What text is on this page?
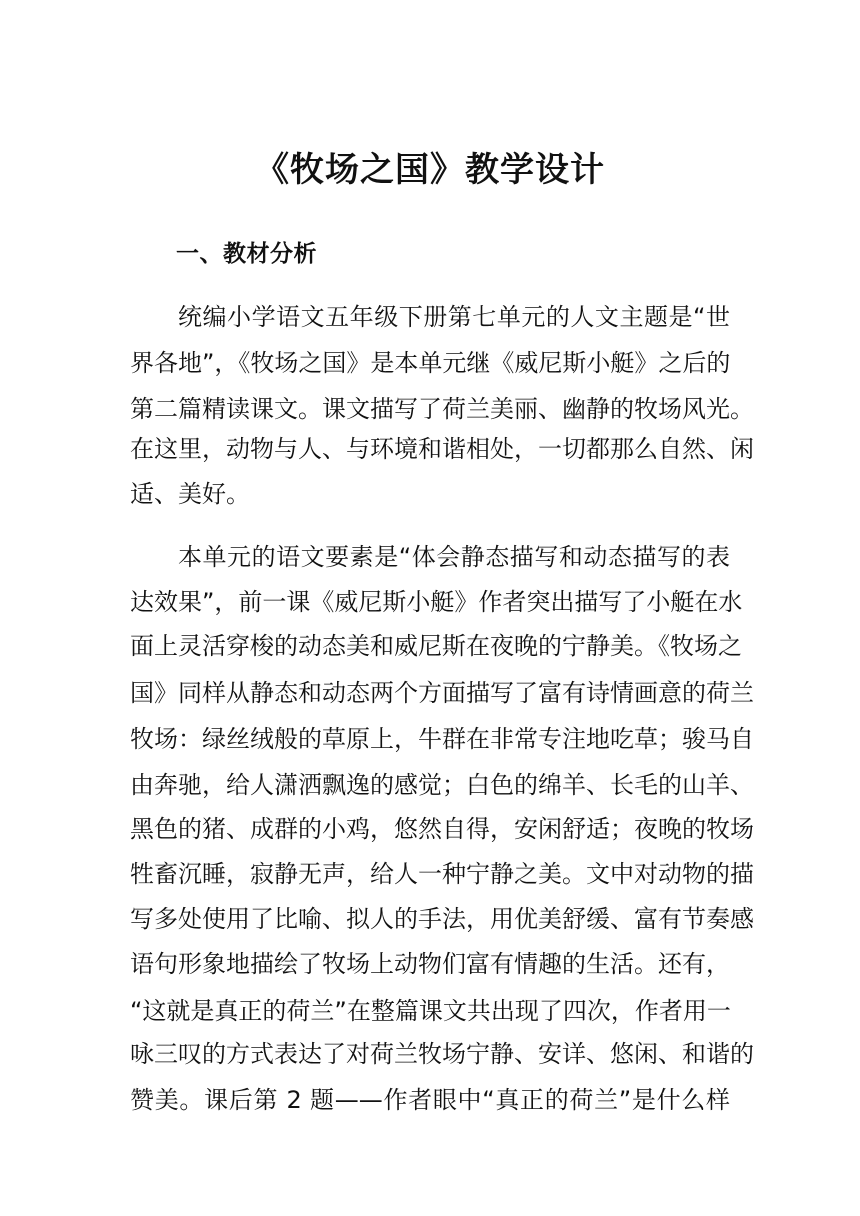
《牧场之国》教学设计
一、教材分析
统编小学语文五年级下册第七单元的人文主题是“世
界各地”，《牧场之国》是本单元继《威尼斯小艇》之后的
第二篇精读课文。课文描写了荷兰美丽、幽静的牧场风光。
在这里，动物与人、与环境和谐相处，一切都那么自然、闲
适、美好。
本单元的语文要素是“体会静态描写和动态描写的表
达效果”，前一课《威尼斯小艇》作者突出描写了小艇在水
面上灵活穿梭的动态美和威尼斯在夜晚的宁静美。《牧场之
国》同样从静态和动态两个方面描写了富有诗情画意的荷兰
牧场：绿丝绒般的草原上，牛群在非常专注地吃草；骏马自
由奔驰，给人潇洒飘逸的感觉；白色的绵羊、长毛的山羊、
黑色的猪、成群的小鸡，悠然自得，安闲舒适；夜晚的牧场
牲畜沉睡，寂静无声，给人一种宁静之美。文中对动物的描
写多处使用了比喻、拟人的手法，用优美舒缓、富有节奏感
语句形象地描绘了牧场上动物们富有情趣的生活。还有，
“这就是真正的荷兰”在整篇课文共出现了四次，作者用一
咏三叹的方式表达了对荷兰牧场宁静、安详、悠闲、和谐的
赞美。课后第 2 题——作者眼中“真正的荷兰”是什么样
